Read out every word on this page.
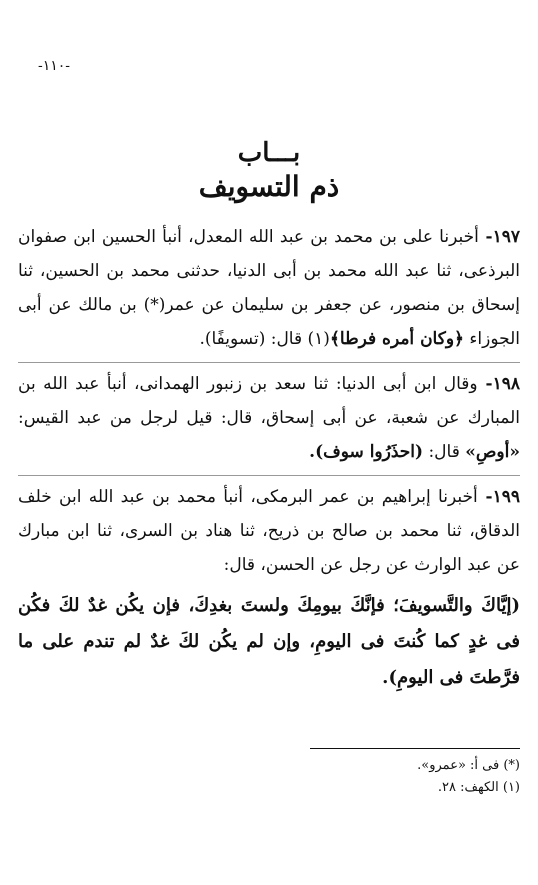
-١١٠-
بـــاب
ذم التسويف

١٩٧- أخبرنا على بن محمد بن عبد الله المعدل، أنبأ الحسين ابن صفوان البرذعى، ثنا عبد الله محمد بن أبى الدنيا، حدثنى محمد بن الحسين، ثنا إسحاق بن منصور، عن جعفر بن سليمان عن عمر(*) بن مالك عن أبى الجوزاء ﴿وكان أمره فرطا﴾(١) قال: (تسويفًا).

١٩٨- وقال ابن أبى الدنيا: ثنا سعد بن زنبور الهمدانى، أنبأ عبد الله بن المبارك عن شعبة، عن أبى إسحاق، قال: قيل لرجل من عبد القيس: «أوصِ» قال: (احذَرُوا سوف).

١٩٩- أخبرنا إبراهيم بن عمر البرمكى، أنبأ محمد بن عبد الله ابن خلف الدقاق، ثنا محمد بن صالح بن ذريح، ثنا هناد بن السرى، ثنا ابن مبارك عن عبد الوارث عن رجل عن الحسن، قال:

(إيَّاكَ والتَّسويفَ؛ فإنَّكَ بيومِكَ ولستَ بغدِكَ، فإن يكُن غدٌ لكَ فكُن فى غدٍ كما كُنتَ فى اليومِ، وإن لم يكُن لكَ غدٌ لم تندم على ما فرَّطتَ فى اليومِ).

(*) فى أ: «عمرو».
(١) الكهف: ٢٨.
